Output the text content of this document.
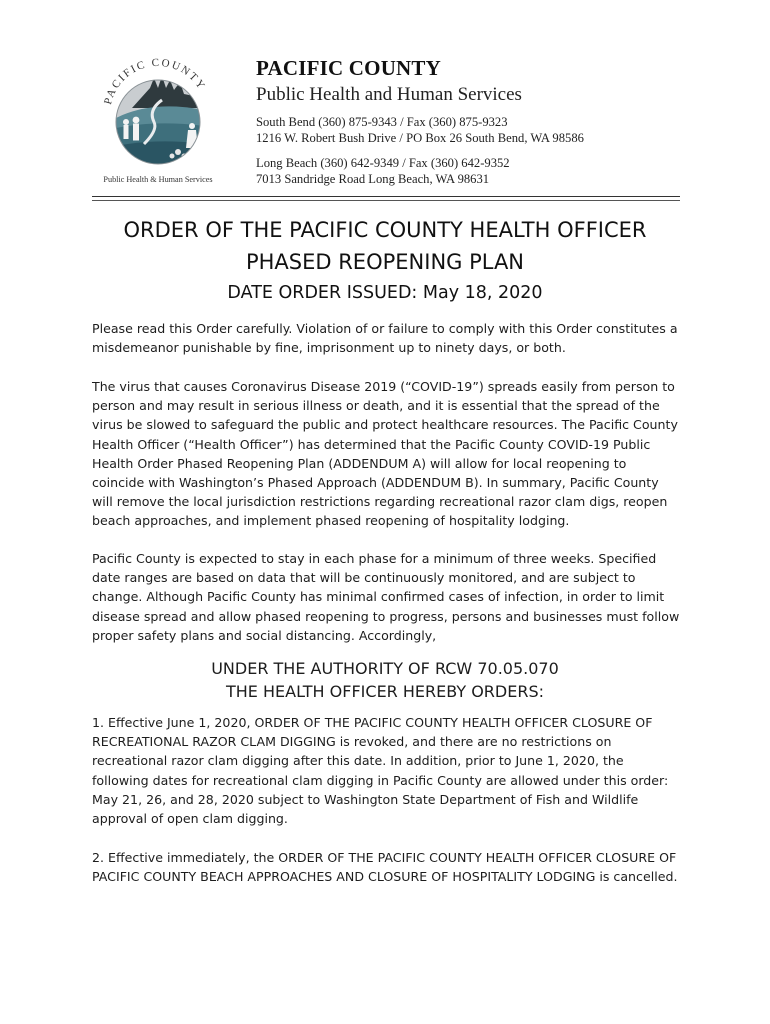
PACIFIC COUNTY
Public Health & Human Services
PACIFIC COUNTY
Public Health and Human Services
South Bend (360) 875-9343 / Fax (360) 875-9323
1216 W. Robert Bush Drive / PO Box 26 South Bend, WA 98586
Long Beach (360) 642-9349 / Fax (360) 642-9352
7013 Sandridge Road Long Beach, WA 98631
ORDER OF THE PACIFIC COUNTY HEALTH OFFICER
PHASED REOPENING PLAN
DATE ORDER ISSUED: May 18, 2020

Please read this Order carefully. Violation of or failure to comply with this Order constitutes a misdemeanor punishable by fine, imprisonment up to ninety days, or both.

The virus that causes Coronavirus Disease 2019 (“COVID-19”) spreads easily from person to person and may result in serious illness or death, and it is essential that the spread of the virus be slowed to safeguard the public and protect healthcare resources. The Pacific County Health Officer (“Health Officer”) has determined that the Pacific County COVID-19 Public Health Order Phased Reopening Plan (ADDENDUM A) will allow for local reopening to coincide with Washington’s Phased Approach (ADDENDUM B). In summary, Pacific County will remove the local jurisdiction restrictions regarding recreational razor clam digs, reopen beach approaches, and implement phased reopening of hospitality lodging.

Pacific County is expected to stay in each phase for a minimum of three weeks. Specified date ranges are based on data that will be continuously monitored, and are subject to change. Although Pacific County has minimal confirmed cases of infection, in order to limit disease spread and allow phased reopening to progress, persons and businesses must follow proper safety plans and social distancing. Accordingly,

UNDER THE AUTHORITY OF RCW 70.05.070
THE HEALTH OFFICER HEREBY ORDERS:

1. Effective June 1, 2020, ORDER OF THE PACIFIC COUNTY HEALTH OFFICER CLOSURE OF RECREATIONAL RAZOR CLAM DIGGING is revoked, and there are no restrictions on recreational razor clam digging after this date. In addition, prior to June 1, 2020, the following dates for recreational clam digging in Pacific County are allowed under this order: May 21, 26, and 28, 2020 subject to Washington State Department of Fish and Wildlife approval of open clam digging.

2. Effective immediately, the ORDER OF THE PACIFIC COUNTY HEALTH OFFICER CLOSURE OF PACIFIC COUNTY BEACH APPROACHES AND CLOSURE OF HOSPITALITY LODGING is cancelled.
